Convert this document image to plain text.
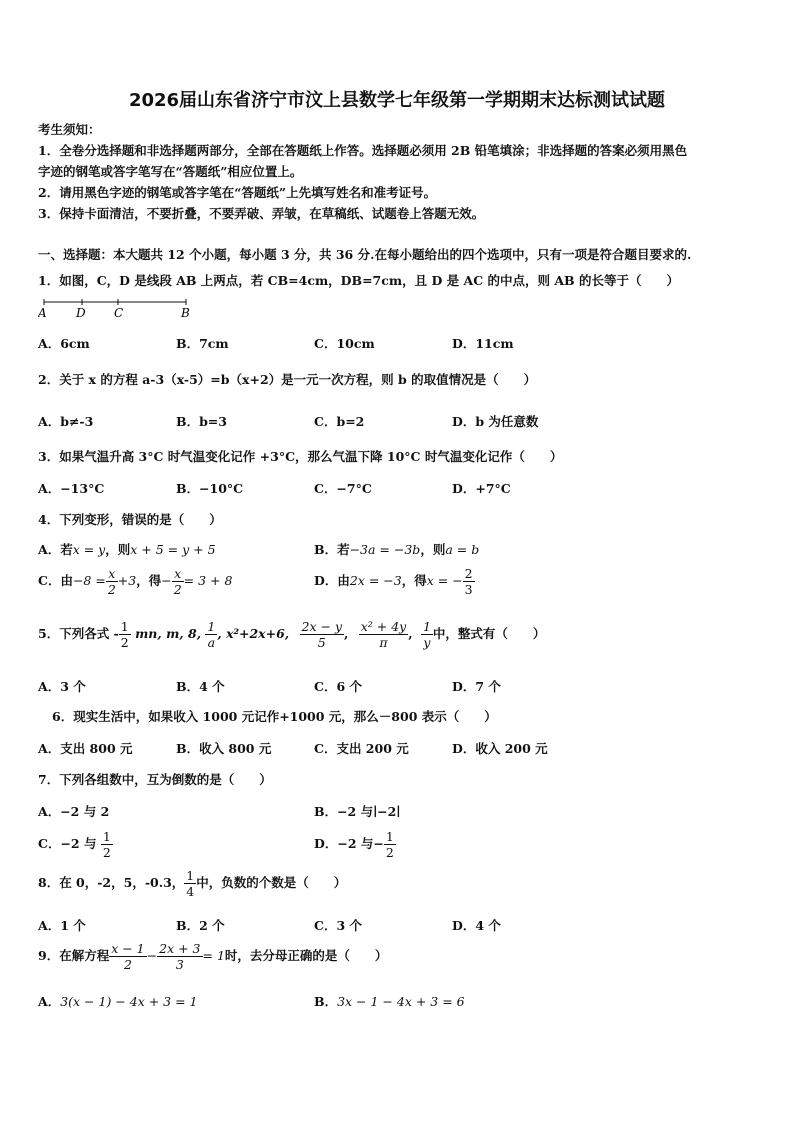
2026届山东省济宁市汶上县数学七年级第一学期期末达标测试试题
考生须知：
1．全卷分选择题和非选择题两部分，全部在答题纸上作答。选择题必须用 2B 铅笔填涂；非选择题的答案必须用黑色
字迹的钢笔或答字笔写在“答题纸”相应位置上。
2．请用黑色字迹的钢笔或答字笔在“答题纸”上先填写姓名和准考证号。
3．保持卡面清洁，不要折叠，不要弄破、弄皱，在草稿纸、试题卷上答题无效。
一、选择题：本大题共 12 个小题，每小题 3 分，共 36 分.在每小题给出的四个选项中，只有一项是符合题目要求的.
1．如图，C，D 是线段 AB 上两点，若 CB=4cm，DB=7cm，且 D 是 AC 的中点，则 AB 的长等于（　　）
A D C	B
A．6cm	B．7cm	C．10cm	D．11cm
2．关于 x 的方程 a-3（x-5）=b（x+2）是一元一次方程，则 b 的取值情况是（　　）
A．b≠-3	B．b=3	C．b=2	D．b 为任意数
3．如果气温升高 3°C 时气温变化记作 +3°C，那么气温下降 10°C 时气温变化记作（　　）
A．−13°C	B．−10°C	C．−7°C	D．+7°C
4．下列变形，错误的是（　　）
A．若x = y，则x + 5 = y + 5	B．若−3a = −3b，则a = b
C．由$-8 = \frac{x}{2} +3$，得− $\frac{x}{2} = 3 + 8$	D．由2x = −3，得x = − $\frac{2}{3}$
5．下列各式 - $\frac{1}{2}$ mn, m, 8, $\frac{1}{a}$ , x²+2x+6, $\frac{2x - y}{5}$ , $\frac{\text{x² + 4y}}{\pi}$ , $\frac{1}{y}$ 中，整式有（　　）
A．3 个	B．4 个	C．6 个	D．7 个
6．现实生活中，如果收入 1000 元记作+1000 元，那么－800 表示（　　）
A．支出 800 元	B．收入 800 元	C．支出 200 元	D．收入 200 元
7．下列各组数中，互为倒数的是（　　）
A．−2 与 2	B．−2 与∣−2∣
C．−2 与 $\frac{1}{2}$	D．−2 与− $\frac{1}{2}$
8．在 0，-2，5，-0.3， $\frac{1}{4}$ 中，负数的个数是（　　）
A．1 个	B．2 个	C．3 个	D．4 个
9．在解方程 $\frac{x - 1}{2} - \frac{2x + 3}{3} = 1$时，去分母正确的是（　　）
A．3(x − 1) − 4x + 3 = 1	B．3x − 1 − 4x + 3 = 6
